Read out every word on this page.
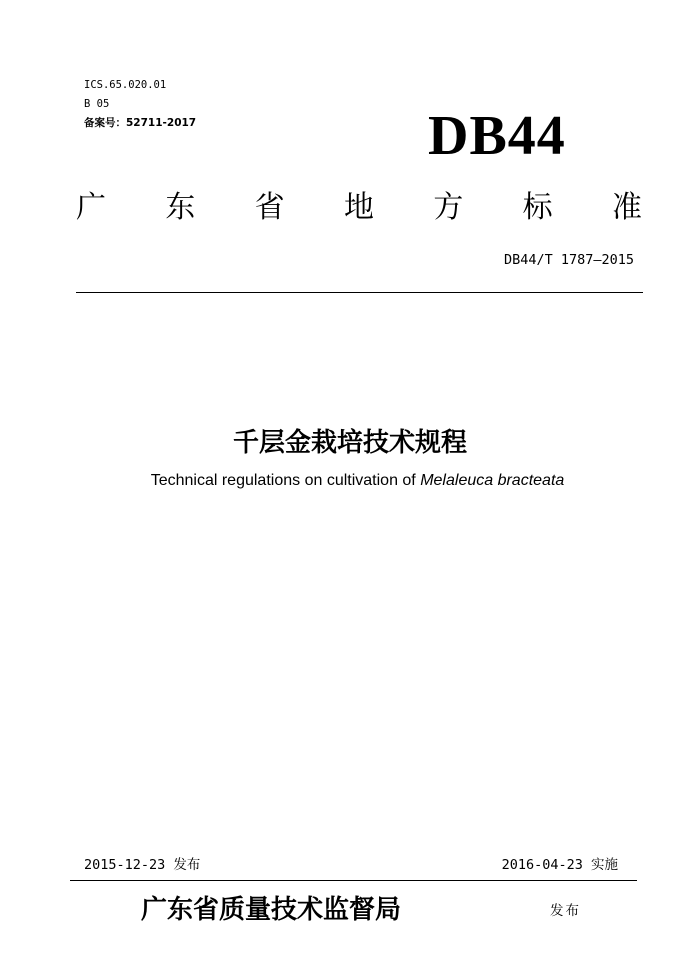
ICS.65.020.01
B 05
备案号：52711-2017	DB44
广 东 省 地 方 标 准
DB44/T 1787—2015
千层金栽培技术规程
Technical regulations on cultivation of Melaleuca bracteata
2015-12-23 发布	2016-04-23 实施
广东省质量技术监督局	发布
